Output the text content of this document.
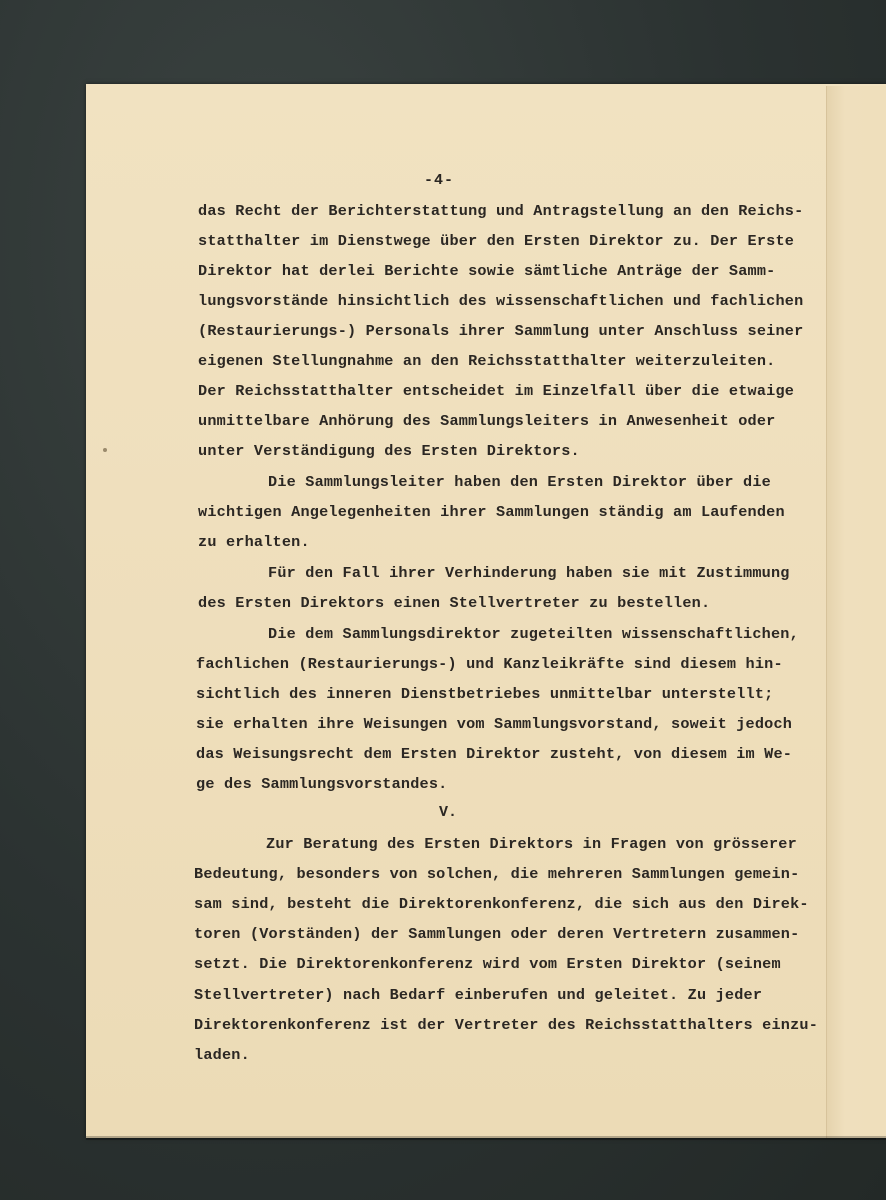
-4-
das Recht der Berichterstattung und Antragstellung an den Reichs-
statthalter im Dienstwege über den Ersten Direktor zu. Der Erste
Direktor hat derlei Berichte sowie sämtliche Anträge der Samm-
lungsvorstände hinsichtlich des wissenschaftlichen und fachlichen
(Restaurierungs-) Personals ihrer Sammlung unter Anschluss seiner
eigenen Stellungnahme an den Reichsstatthalter weiterzuleiten.
Der Reichsstatthalter entscheidet im Einzelfall über die etwaige
unmittelbare Anhörung des Sammlungsleiters in Anwesenheit oder
unter Verständigung des Ersten Direktors.
Die Sammlungsleiter haben den Ersten Direktor über die
wichtigen Angelegenheiten ihrer Sammlungen ständig am Laufenden
zu erhalten.
Für den Fall ihrer Verhinderung haben sie mit Zustimmung
des Ersten Direktors einen Stellvertreter zu bestellen.
Die dem Sammlungsdirektor zugeteilten wissenschaftlichen,
fachlichen (Restaurierungs-) und Kanzleikräfte sind diesem hin-
sichtlich des inneren Dienstbetriebes unmittelbar unterstellt;
sie erhalten ihre Weisungen vom Sammlungsvorstand, soweit jedoch
das Weisungsrecht dem Ersten Direktor zusteht, von diesem im We-
ge des Sammlungsvorstandes.
V.
Zur Beratung des Ersten Direktors in Fragen von grösserer
Bedeutung, besonders von solchen, die mehreren Sammlungen gemein-
sam sind, besteht die Direktorenkonferenz, die sich aus den Direk-
toren (Vorständen) der Sammlungen oder deren Vertretern zusammen-
setzt. Die Direktorenkonferenz wird vom Ersten Direktor (seinem
Stellvertreter) nach Bedarf einberufen und geleitet. Zu jeder
Direktorenkonferenz ist der Vertreter des Reichsstatthalters einzu-
laden.
